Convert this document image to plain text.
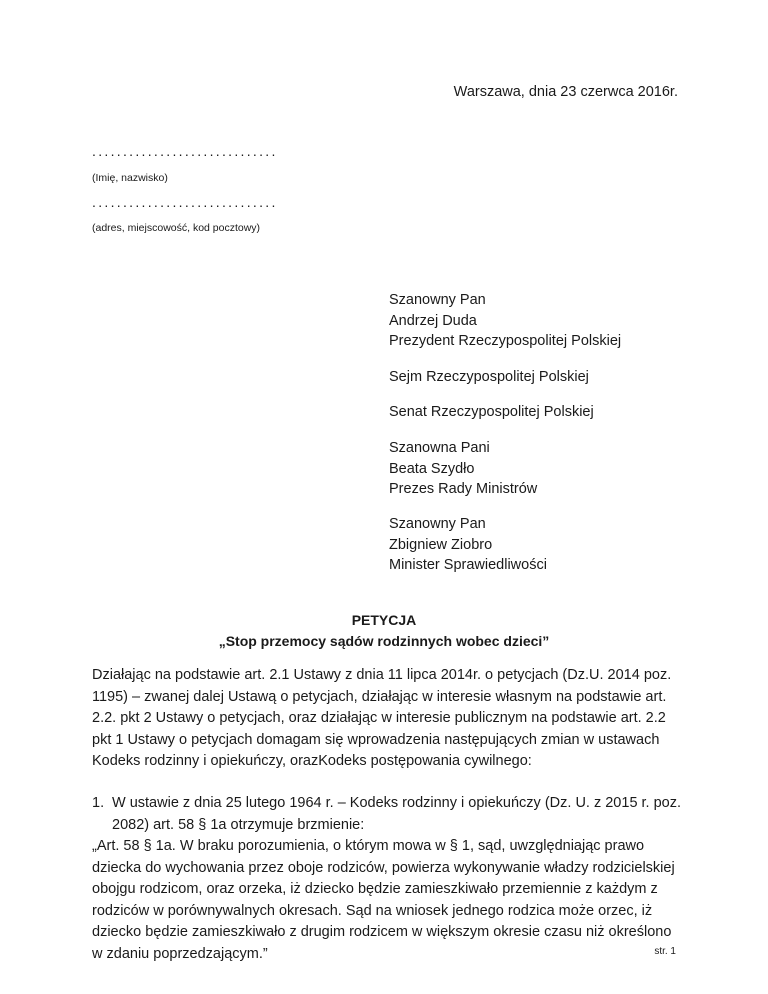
Warszawa, dnia 23 czerwca 2016r.
..............................
(Imię, nazwisko)
..............................
(adres, miejscowość, kod pocztowy)
Szanowny Pan
Andrzej Duda
Prezydent Rzeczypospolitej Polskiej
Sejm Rzeczypospolitej Polskiej
Senat Rzeczypospolitej Polskiej
Szanowna Pani
Beata Szydło
Prezes Rady Ministrów
Szanowny Pan
Zbigniew Ziobro
Minister Sprawiedliwości
PETYCJA
„Stop przemocy sądów rodzinnych wobec dzieci”
Działając na podstawie art. 2.1 Ustawy z dnia 11 lipca 2014r. o petycjach (Dz.U. 2014 poz. 1195) – zwanej dalej Ustawą o petycjach, działając w interesie własnym na podstawie art. 2.2. pkt 2 Ustawy o petycjach, oraz działając w interesie publicznym na podstawie art. 2.2 pkt 1 Ustawy o petycjach domagam się wprowadzenia następujących zmian w ustawach Kodeks rodzinny i opiekuńczy, orazKodeks postępowania cywilnego:
1. W ustawie z dnia 25 lutego 1964 r. – Kodeks rodzinny i opiekuńczy (Dz. U. z 2015 r. poz. 2082) art. 58 § 1a otrzymuje brzmienie:
„Art. 58 § 1a. W braku porozumienia, o którym mowa w § 1, sąd, uwzględniając prawo dziecka do wychowania przez oboje rodziców, powierza wykonywanie władzy rodzicielskiej obojgu rodzicom, oraz orzeka, iż dziecko będzie zamieszkiwało przemiennie z każdym z rodziców w porównywalnych okresach. Sąd na wniosek jednego rodzica może orzec, iż dziecko będzie zamieszkiwało z drugim rodzicem w większym okresie czasu niż określono w zdaniu poprzedzającym.”	str. 1
